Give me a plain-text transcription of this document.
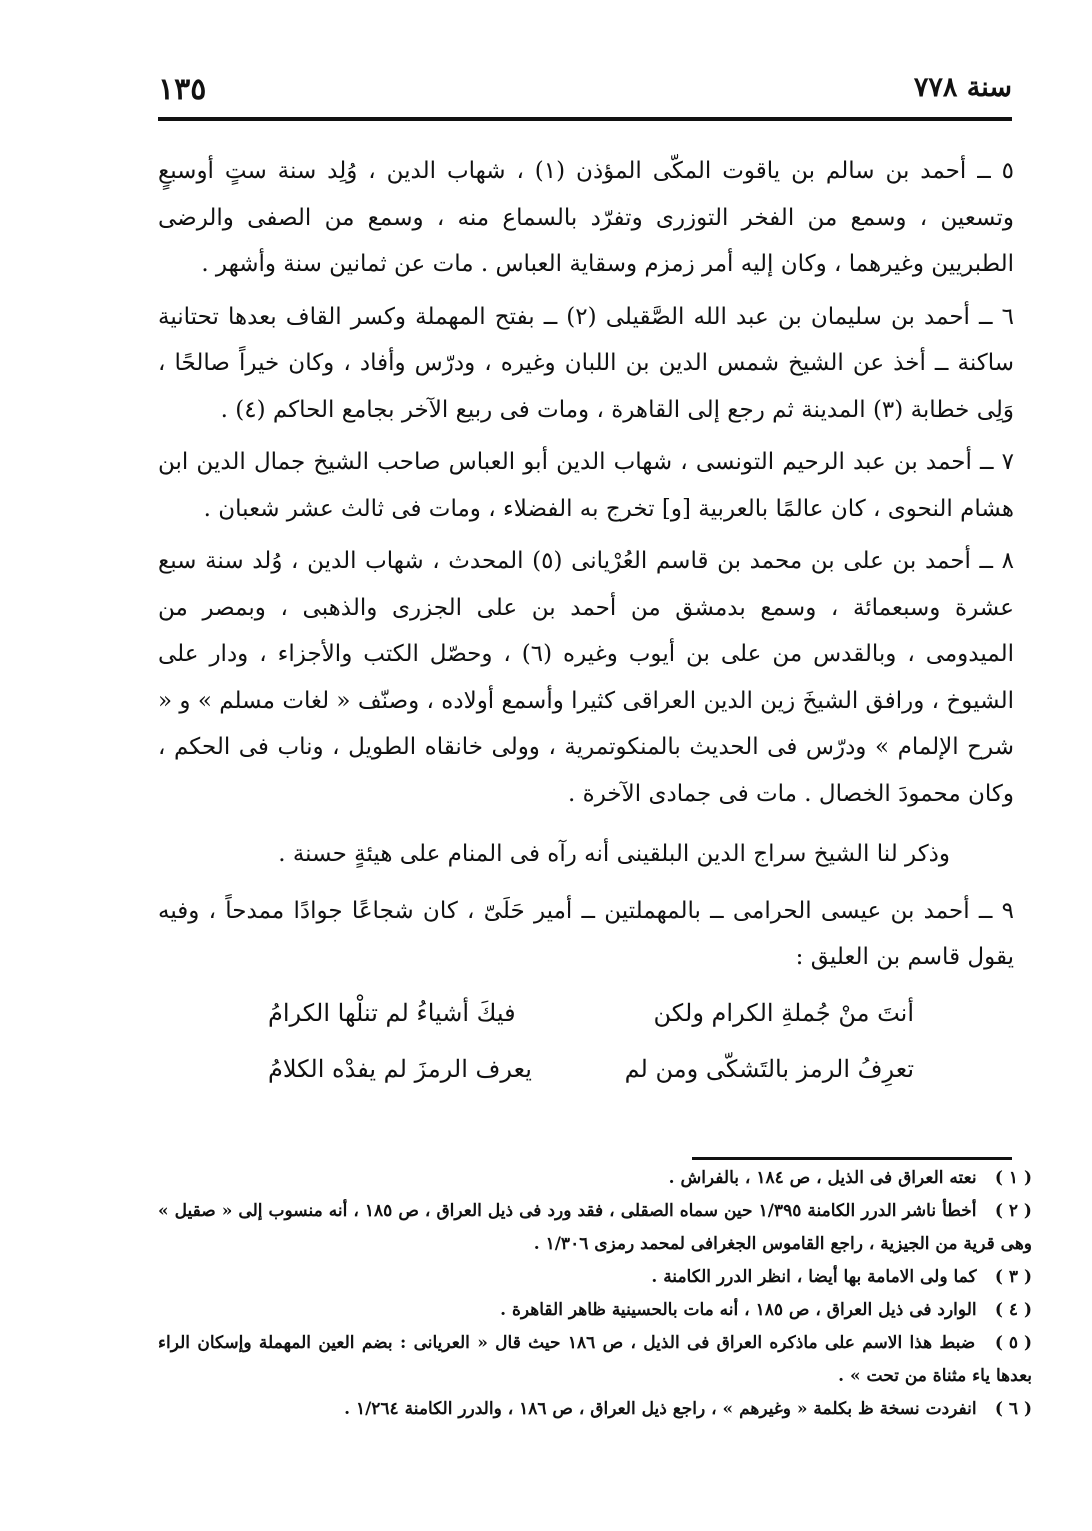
سنة ٧٧٨
١٣٥

٥ ــ أحمد بن سالم بن ياقوت المكّى المؤذن (١) ، شهاب الدين ، وُلِد سنة ستٍ أوسبعٍ وتسعين ، وسمع من الفخر التوزرى وتفرّد بالسماع منه ، وسمع من الصفى والرضى الطبريين وغيرهما ، وكان إليه أمر زمزم وسقاية العباس . مات عن ثمانين سنة وأشهر .

٦ ــ أحمد بن سليمان بن عبد الله الصَّقيلى (٢) ــ بفتح المهملة وكسر القاف بعدها تحتانية ساكنة ــ أخذ عن الشيخ شمس الدين بن اللبان وغيره ، ودرّس وأفاد ، وكان خيراً صالحًا ، وَلِى خطابة (٣) المدينة ثم رجع إلى القاهرة ، ومات فى ربيع الآخر بجامع الحاكم (٤) .

٧ ــ أحمد بن عبد الرحيم التونسى ، شهاب الدين أبو العباس صاحب الشيخ جمال الدين ابن هشام النحوى ، كان عالمًا بالعربية [و] تخرج به الفضلاء ، ومات فى ثالث عشر شعبان .

٨ ــ أحمد بن على بن محمد بن قاسم العُرْيانى (٥) المحدث ، شهاب الدين ، وُلد سنة سبع عشرة وسبعمائة ، وسمع بدمشق من أحمد بن على الجزرى والذهبى ، وبمصر من الميدومى ، وبالقدس من على بن أيوب وغيره (٦) ، وحصّل الكتب والأجزاء ، ودار على الشيوخ ، ورافق الشيخَ زين الدين العراقى كثيرا وأسمع أولاده ، وصنّف « لغات مسلم » و « شرح الإلمام » ودرّس فى الحديث بالمنكوتمرية ، وولى خانقاه الطويل ، وناب فى الحكم ، وكان محمودَ الخصال . مات فى جمادى الآخرة .

وذكر لنا الشيخ سراج الدين البلقينى أنه رآه فى المنام على هيئةٍ حسنة .

٩ ــ أحمد بن عيسى الحرامى ــ بالمهملتين ــ أمير حَلَىّ ، كان شجاعًا جوادًا ممدحاً ، وفيه يقول قاسم بن العليق :

أنتَ منْ جُملةِ الكرام ولكن
فيكَ أشياءُ لم تنلْها الكرامُ
تعرِفُ الرمز بالتَشكّى ومن لم
يعرف الرمزَ لم يفدْه الكلامُ

( ١ ) نعته العراق فى الذيل ، ص ١٨٤ ، بالفراش .

( ٢ ) أخطأ ناشر الدرر الكامنة ١/٣٩٥ حين سماه الصقلى ، فقد ورد فى ذيل العراق ، ص ١٨٥ ، أنه منسوب إلى « صقيل » وهى قرية من الجيزية ، راجع القاموس الجغرافى لمحمد رمزى ١/٣٠٦ .

( ٣ ) كما ولى الامامة بها أيضا ، انظر الدرر الكامنة .

( ٤ ) الوارد فى ذيل العراق ، ص ١٨٥ ، أنه مات بالحسينية ظاهر القاهرة .

( ٥ ) ضبط هذا الاسم على ماذكره العراق فى الذيل ، ص ١٨٦ حيث قال « العريانى : بضم العين المهملة وإسكان الراء بعدها ياء مثناة من تحت » .

( ٦ ) انفردت نسخة ظ بكلمة « وغيرهم » ، راجع ذيل العراق ، ص ١٨٦ ، والدرر الكامنة ١/٢٦٤ .
